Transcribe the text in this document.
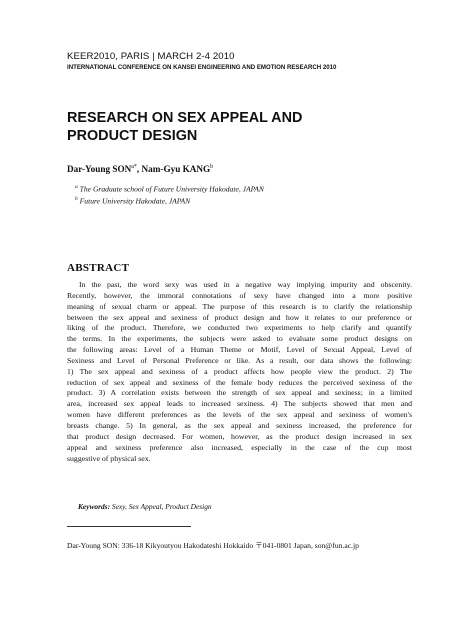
KEER2010, PARIS | MARCH 2-4 2010
INTERNATIONAL CONFERENCE ON KANSEI ENGINEERING AND EMOTION RESEARCH 2010
RESEARCH ON SEX APPEAL AND
PRODUCT DESIGN
Dar-Young $SON^{a*}$, Nam-Gyu KANG$^b$
$^a$ The Graduate school of Future University Hakodate, JAPAN
$^b$ Future University Hakodate, JAPAN
ABSTRACT
In the past, the word sexy was used in a negative way implying impurity and obscenity.
Recently, however, the immoral connotations of sexy have changed into a more positive
meaning of sexual charm or appeal. The purpose of this research is to clarify the relationship
between the sex appeal and sexiness of product design and how it relates to our preference or
liking of the product. Therefore, we conducted two experiments to help clarify and quantify
the terms. In the experiments, the subjects were asked to evaluate some product designs on
the following areas: Level of a Human Theme or Motif, Level of Sexual Appeal, Level of
Sexiness and Level of Personal Preference or like. As a result, our data shows the following:
1) The sex appeal and sexiness of a product affects how people view the product. 2) The
reduction of sex appeal and sexiness of the female body reduces the perceived sexiness of the
product. 3) A correlation exists between the strength of sex appeal and sexiness; in a limited
area, increased sex appeal leads to increased sexiness. 4) The subjects showed that men and
women have different preferences as the levels of the sex appeal and sexiness of women's
breasts change. 5) In general, as the sex appeal and sexiness increased, the preference for
that product design decreased. For women, however, as the product design increased in sex
appeal and sexiness preference also increased, especially in the case of the cup most
suggestive of physical sex.
Keywords: Sexy, Sex Appeal, Product Design
Dar-Young SON: 336-18 Kikyoutyou Hakodateshi Hokkaido 〒041-0801 Japan, son@fun.ac.jp
